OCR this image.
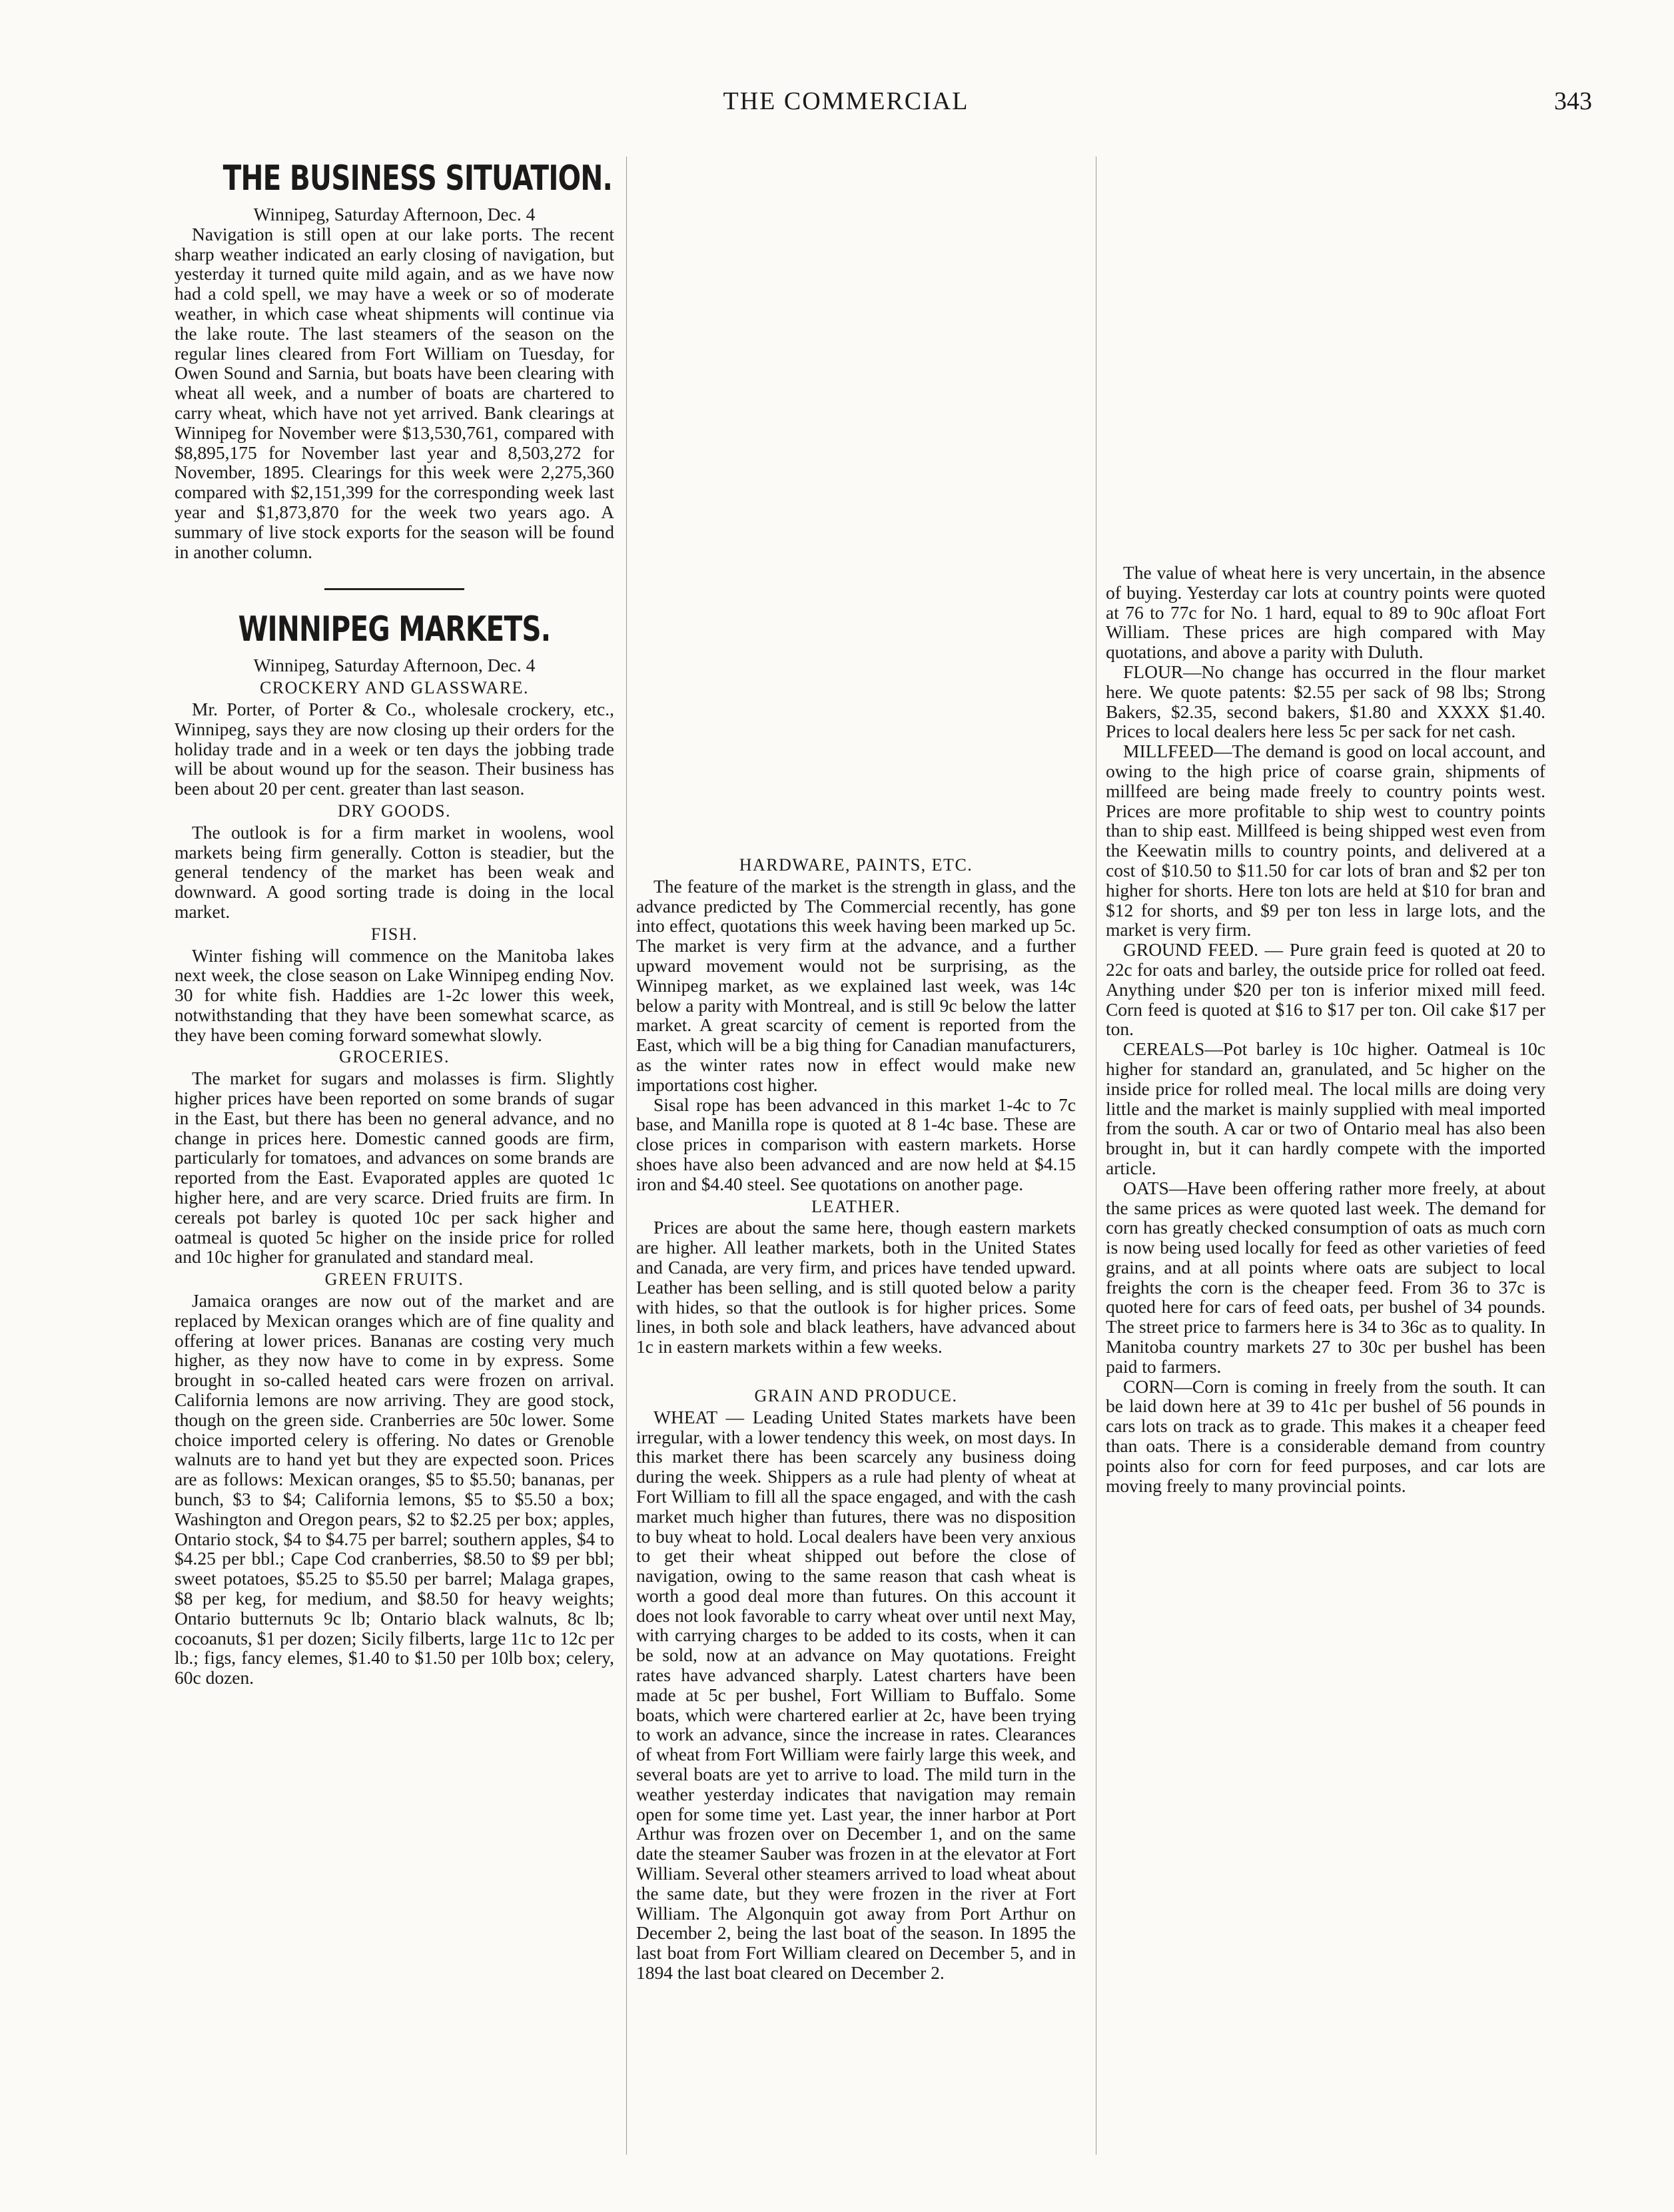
THE COMMERCIAL	343
THE BUSINESS SITUATION.

Winnipeg, Saturday Afternoon, Dec. 4

Navigation is still open at our lake ports. The recent sharp weather indicated an early closing of navigation, but yesterday it turned quite mild again, and as we have now had a cold spell, we may have a week or so of moderate weather, in which case wheat shipments will continue via the lake route. The last steamers of the season on the regular lines cleared from Fort William on Tuesday, for Owen Sound and Sarnia, but boats have been clearing with wheat all week, and a number of boats are chartered to carry wheat, which have not yet arrived. Bank clearings at Winnipeg for November were $13,530,761, compared with $8,895,175 for November last year and 8,503,272 for November, 1895. Clearings for this week were 2,275,360 compared with $2,151,399 for the corresponding week last year and $1,873,870 for the week two years ago. A summary of live stock exports for the season will be found in another column.

WINNIPEG MARKETS.

Winnipeg, Saturday Afternoon, Dec. 4

CROCKERY AND GLASSWARE.

Mr. Porter, of Porter & Co., wholesale crockery, etc., Winnipeg, says they are now closing up their orders for the holiday trade and in a week or ten days the jobbing trade will be about wound up for the season. Their business has been about 20 per cent. greater than last season.

DRY GOODS.

The outlook is for a firm market in woolens, wool markets being firm generally. Cotton is steadier, but the general tendency of the market has been weak and downward. A good sorting trade is doing in the local market.

FISH.

Winter fishing will commence on the Manitoba lakes next week, the close season on Lake Winnipeg ending Nov. 30 for white fish. Haddies are 1-2c lower this week, notwithstanding that they have been somewhat scarce, as they have been coming forward somewhat slowly.

GROCERIES.

The market for sugars and molasses is firm. Slightly higher prices have been reported on some brands of sugar in the East, but there has been no general advance, and no change in prices here. Domestic canned goods are firm, particularly for tomatoes, and advances on some brands are reported from the East. Evaporated apples are quoted 1c higher here, and are very scarce. Dried fruits are firm. In cereals pot barley is quoted 10c per sack higher and oatmeal is quoted 5c higher on the inside price for rolled and 10c higher for granulated and standard meal.

GREEN FRUITS.

Jamaica oranges are now out of the market and are replaced by Mexican oranges which are of fine quality and offering at lower prices. Bananas are costing very much higher, as they now have to come in by express. Some brought in so-called heated cars were frozen on arrival. California lemons are now arriving. They are good stock, though on the green side. Cranberries are 50c lower. Some choice imported celery is offering. No dates or Grenoble walnuts are to hand yet but they are expected soon. Prices are as follows: Mexican oranges, $5 to $5.50; bananas, per bunch, $3 to $4; California lemons, $5 to $5.50 a box; Washington and Oregon pears, $2 to $2.25 per box; apples, Ontario stock, $4 to $4.75 per barrel; southern apples, $4 to $4.25 per bbl.; Cape Cod cranberries, $8.50 to $9 per bbl; sweet potatoes, $5.25 to $5.50 per barrel; Malaga grapes, $8 per keg, for medium, and $8.50 for heavy weights; Ontario butternuts 9c lb; Ontario black walnuts, 8c lb; cocoanuts, $1 per dozen; Sicily filberts, large 11c to 12c per lb.; figs, fancy elemes, $1.40 to $1.50 per 10lb box; celery, 60c dozen.

HARDWARE, PAINTS, ETC.

The feature of the market is the strength in glass, and the advance predicted by The Commercial recently, has gone into effect, quotations this week having been marked up 5c. The market is very firm at the advance, and a further upward movement would not be surprising, as the Winnipeg market, as we explained last week, was 14c below a parity with Montreal, and is still 9c below the latter market. A great scarcity of cement is reported from the East, which will be a big thing for Canadian manufacturers, as the winter rates now in effect would make new importations cost higher.

Sisal rope has been advanced in this market 1-4c to 7c base, and Manilla rope is quoted at 8 1-4c base. These are close prices in comparison with eastern markets. Horse shoes have also been advanced and are now held at $4.15 iron and $4.40 steel. See quotations on another page.

LEATHER.

Prices are about the same here, though eastern markets are higher. All leather markets, both in the United States and Canada, are very firm, and prices have tended upward. Leather has been selling, and is still quoted below a parity with hides, so that the outlook is for higher prices. Some lines, in both sole and black leathers, have advanced about 1c in eastern markets within a few weeks.

GRAIN AND PRODUCE.

WHEAT — Leading United States markets have been irregular, with a lower tendency this week, on most days. In this market there has been scarcely any business doing during the week. Shippers as a rule had plenty of wheat at Fort William to fill all the space engaged, and with the cash market much higher than futures, there was no disposition to buy wheat to hold. Local dealers have been very anxious to get their wheat shipped out before the close of navigation, owing to the same reason that cash wheat is worth a good deal more than futures. On this account it does not look favorable to carry wheat over until next May, with carrying charges to be added to its costs, when it can be sold, now at an advance on May quotations. Freight rates have advanced sharply. Latest charters have been made at 5c per bushel, Fort William to Buffalo. Some boats, which were chartered earlier at 2c, have been trying to work an advance, since the increase in rates. Clearances of wheat from Fort William were fairly large this week, and several boats are yet to arrive to load. The mild turn in the weather yesterday indicates that navigation may remain open for some time yet. Last year, the inner harbor at Port Arthur was frozen over on December 1, and on the same date the steamer Sauber was frozen in at the elevator at Fort William. Several other steamers arrived to load wheat about the same date, but they were frozen in the river at Fort William. The Algonquin got away from Port Arthur on December 2, being the last boat of the season. In 1895 the last boat from Fort William cleared on December 5, and in 1894 the last boat cleared on December 2.

The value of wheat here is very uncertain, in the absence of buying. Yesterday car lots at country points were quoted at 76 to 77c for No. 1 hard, equal to 89 to 90c afloat Fort William. These prices are high compared with May quotations, and above a parity with Duluth.

FLOUR—No change has occurred in the flour market here. We quote patents: $2.55 per sack of 98 lbs; Strong Bakers, $2.35, second bakers, $1.80 and XXXX $1.40. Prices to local dealers here less 5c per sack for net cash.

MILLFEED—The demand is good on local account, and owing to the high price of coarse grain, shipments of millfeed are being made freely to country points west. Prices are more profitable to ship west to country points than to ship east. Millfeed is being shipped west even from the Keewatin mills to country points, and delivered at a cost of $10.50 to $11.50 for car lots of bran and $2 per ton higher for shorts. Here ton lots are held at $10 for bran and $12 for shorts, and $9 per ton less in large lots, and the market is very firm.

GROUND FEED. — Pure grain feed is quoted at 20 to 22c for oats and barley, the outside price for rolled oat feed. Anything under $20 per ton is inferior mixed mill feed. Corn feed is quoted at $16 to $17 per ton. Oil cake $17 per ton.

CEREALS—Pot barley is 10c higher. Oatmeal is 10c higher for standard an, granulated, and 5c higher on the inside price for rolled meal. The local mills are doing very little and the market is mainly supplied with meal imported from the south. A car or two of Ontario meal has also been brought in, but it can hardly compete with the imported article.

OATS—Have been offering rather more freely, at about the same prices as were quoted last week. The demand for corn has greatly checked consumption of oats as much corn is now being used locally for feed as other varieties of feed grains, and at all points where oats are subject to local freights the corn is the cheaper feed. From 36 to 37c is quoted here for cars of feed oats, per bushel of 34 pounds. The street price to farmers here is 34 to 36c as to quality. In Manitoba country markets 27 to 30c per bushel has been paid to farmers.

CORN—Corn is coming in freely from the south. It can be laid down here at 39 to 41c per bushel of 56 pounds in cars lots on track as to grade. This makes it a cheaper feed than oats. There is a considerable demand from country points also for corn for feed purposes, and car lots are moving freely to many provincial points.
